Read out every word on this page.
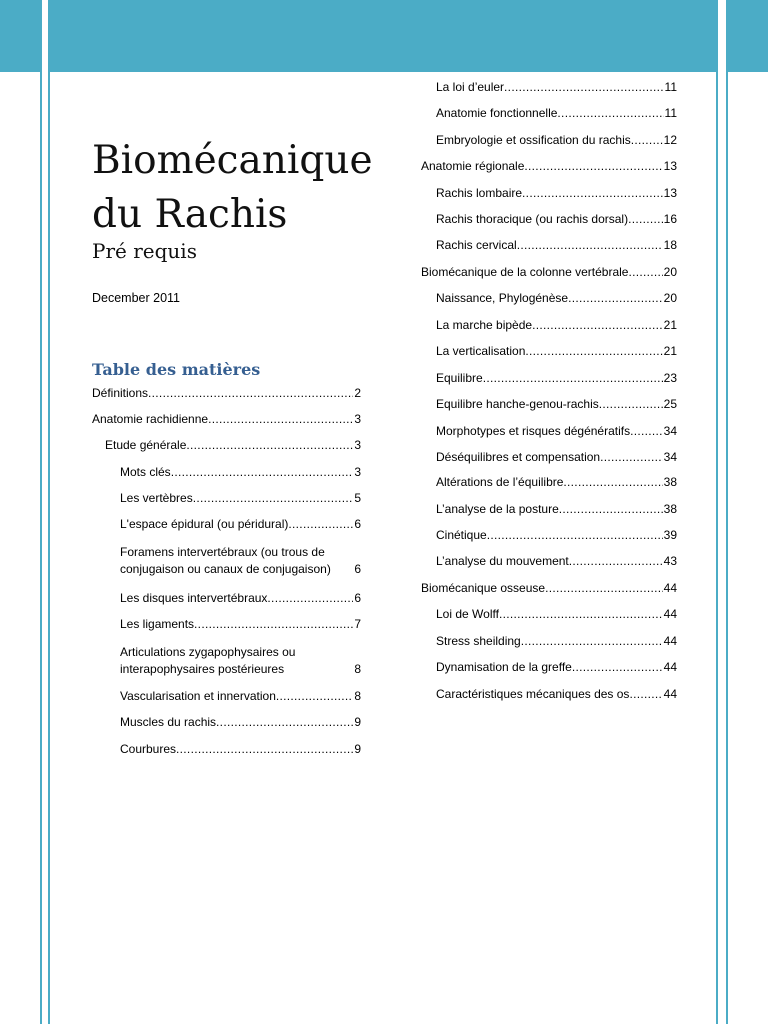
Biomécanique du Rachis
Pré requis
December 2011
Table des matières
Définitions .....	2
Anatomie rachidienne .....	3
Etude générale .....	3
Mots clés .....	3
Les vertèbres .....	5
L'espace épidural (ou péridural) .....	6
Foramens intervertébraux (ou trous de conjugaison ou canaux de conjugaison)	6
Les disques intervertébraux .....	6
Les ligaments .....	7
Articulations zygapophysaires ou interapophysaires postérieures	8
Vascularisation et innervation .....	8
Muscles du rachis .....	9
Courbures .....	9
La loi d’euler .....	11
Anatomie fonctionnelle .....	11
Embryologie et ossification du rachis .....	12
Anatomie régionale .....	13
Rachis lombaire .....	13
Rachis thoracique (ou rachis dorsal) .....	16
Rachis cervical .....	18
Biomécanique de la colonne vertébrale .....	20
Naissance, Phylogénèse .....	20
La marche bipède .....	21
La verticalisation .....	21
Equilibre .....	23
Equilibre hanche-genou-rachis .....	25
Morphotypes et risques dégénératifs .....	34
Déséquilibres et compensation .....	34
Altérations de l’équilibre .....	38
L’analyse de la posture .....	38
Cinétique .....	39
L’analyse du mouvement .....	43
Biomécanique osseuse .....	44
Loi de Wolff .....	44
Stress sheilding .....	44
Dynamisation de la greffe .....	44
Caractéristiques mécaniques des os .....	44
